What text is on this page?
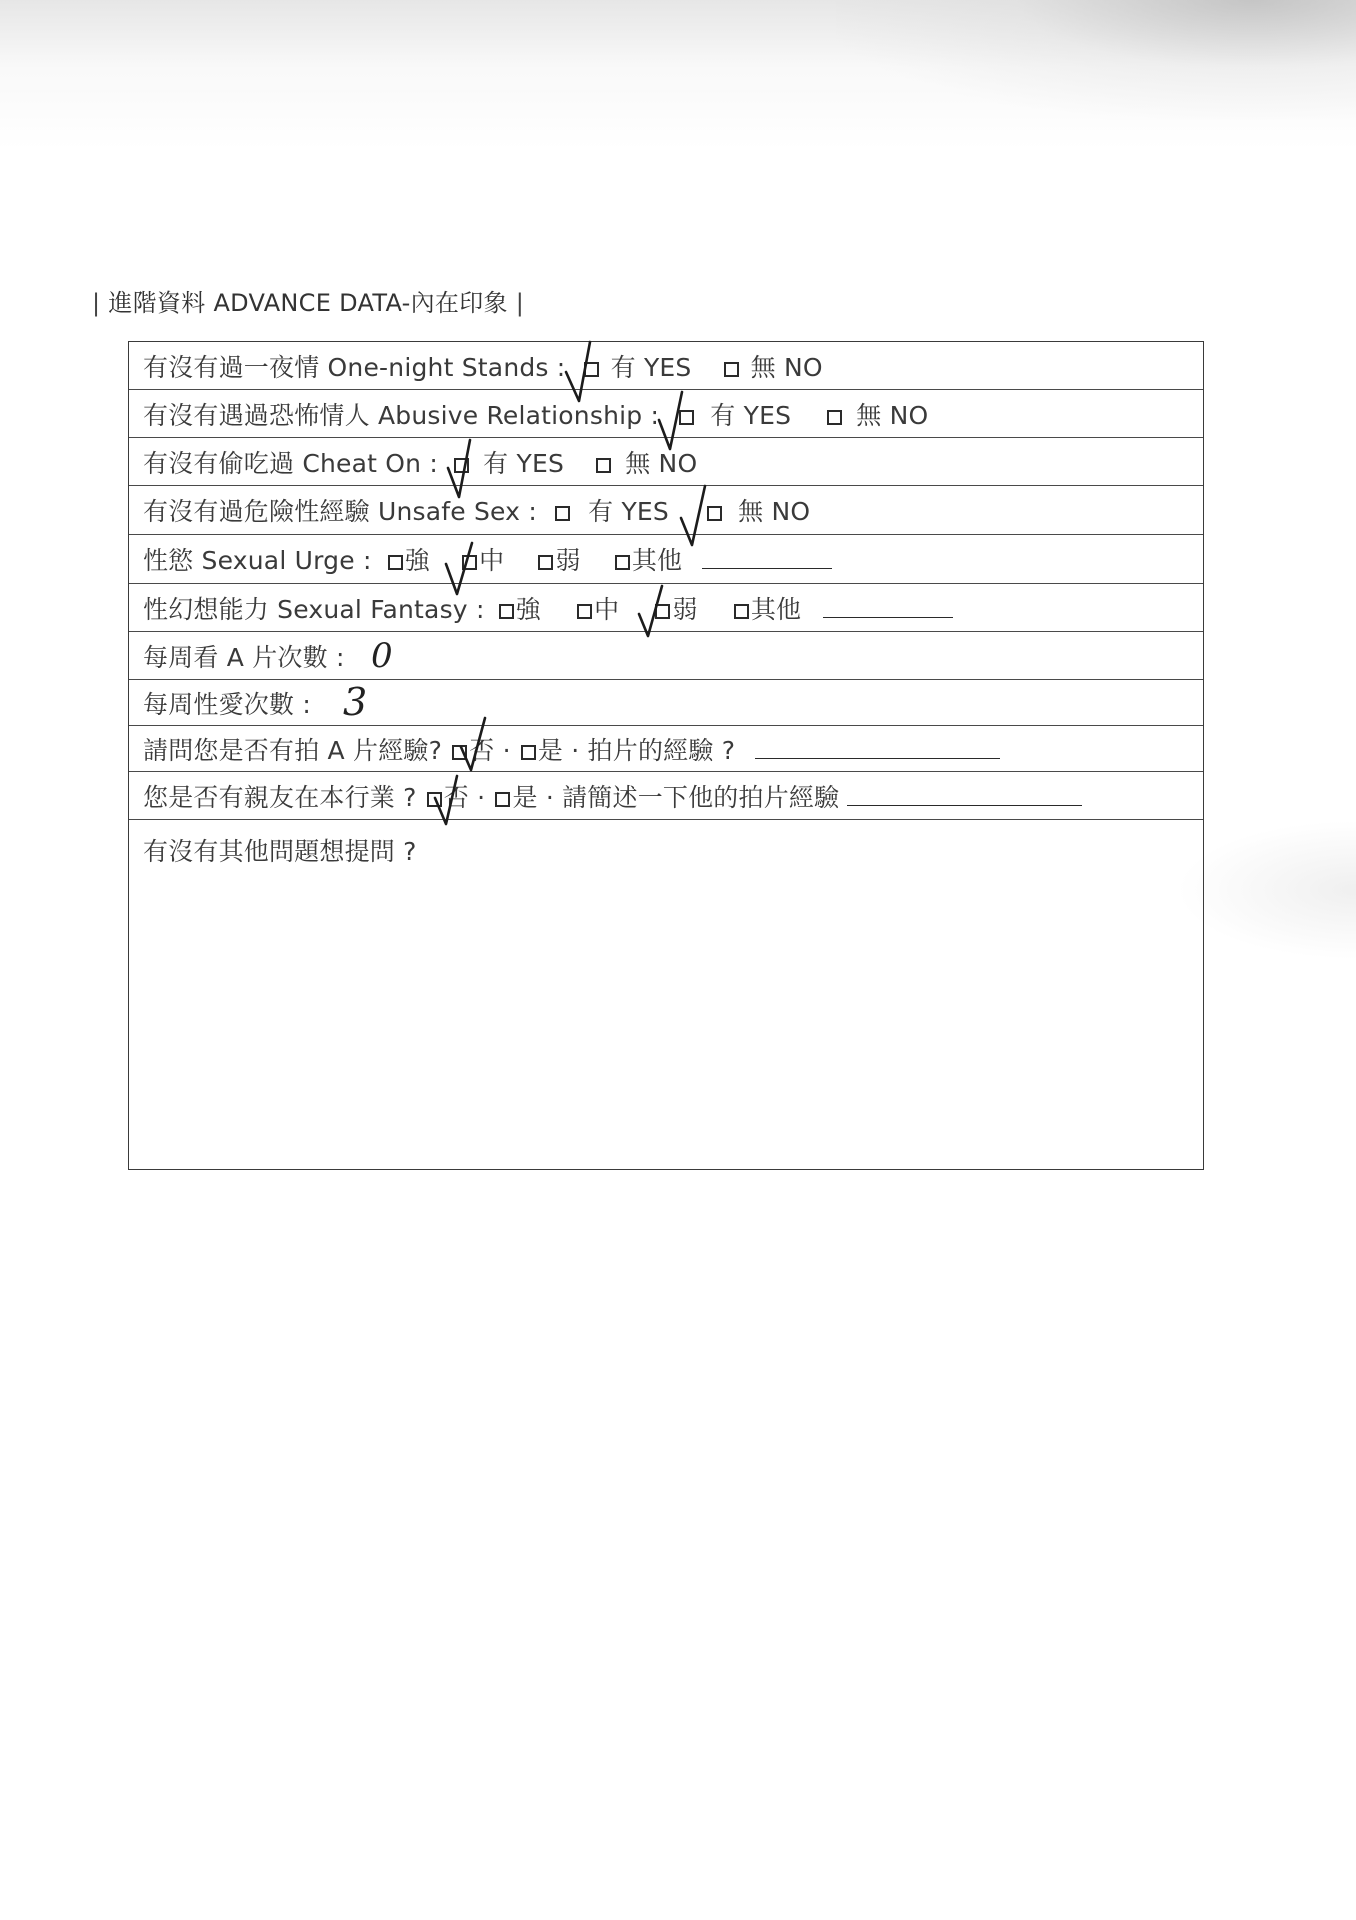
| 進階資料 ADVANCE DATA-內在印象 |
有沒有過一夜情 One-night Stands : 有 YES 無 NO
有沒有遇過恐怖情人 Abusive Relationship : 有 YES	無 NO
有沒有偷吃過 Cheat On : 有 YES 無 NO
有沒有過危險性經驗 Unsafe Sex : 有 YES	無 NO
性慾 Sexual Urge : 強 中 弱 其他
性幻想能力 Sexual Fantasy : 強 中 弱 其他
每周看 A 片次數 : 0
每周性愛次數 : 3
請問您是否有拍 A 片經驗? 否 · 是 · 拍片的經驗 ?
您是否有親友在本行業 ? 否 · 是 · 請簡述一下他的拍片經驗
有沒有其他問題想提問 ?
